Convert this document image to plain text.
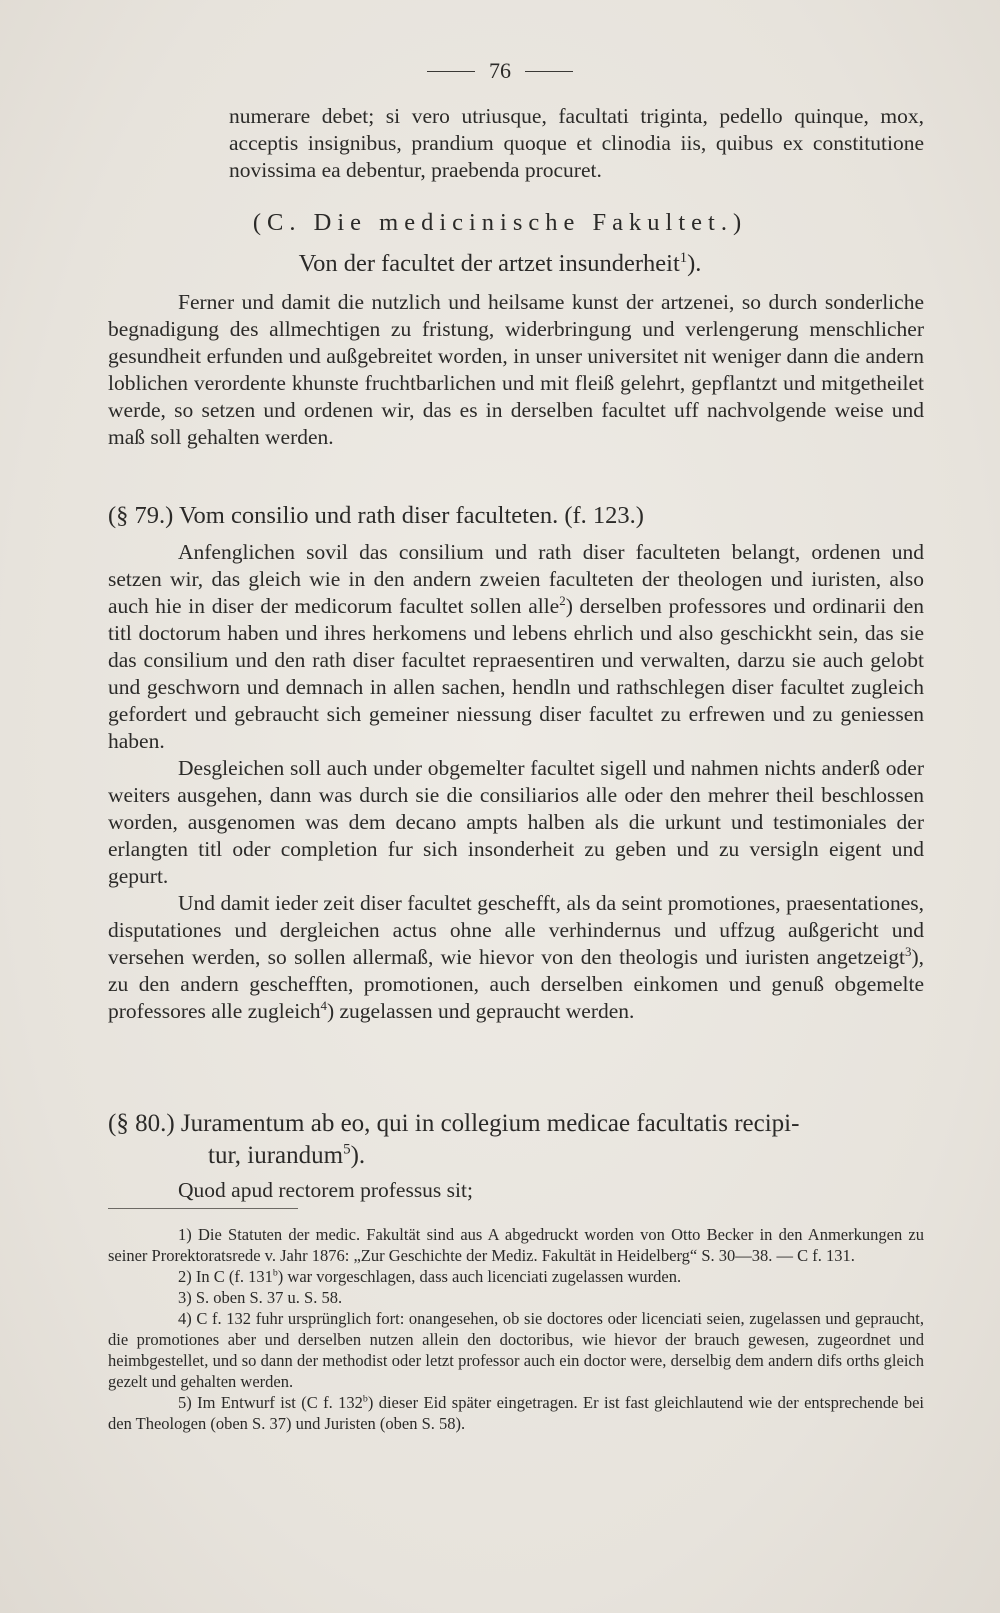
76

numerare debet; si vero utriusque, facultati triginta, pedello quinque, mox, acceptis insignibus, prandium quoque et clinodia iis, quibus ex constitutione novissima ea debentur, praebenda procuret.

(C. Die medicinische Fakultet.)
Von der facultet der artzet insunderheit$^1$).

Ferner und damit die nutzlich und heilsame kunst der artzenei, so durch sonderliche begnadigung des allmechtigen zu fristung, widerbringung und verlengerung menschlicher gesundheit erfunden und außgebreitet worden, in unser universitet nit weniger dann die andern loblichen verordente khunste fruchtbarlichen und mit fleiß gelehrt, gepflantzt und mitgetheilet werde, so setzen und ordenen wir, das es in derselben facultet uff nachvolgende weise und maß soll gehalten werden.

(§ 79.) Vom consilio und rath diser faculteten. (f. 123.)

Anfenglichen sovil das consilium und rath diser faculteten belangt, ordenen und setzen wir, das gleich wie in den andern zweien faculteten der theologen und iuristen, also auch hie in diser der medicorum facultet sollen alle$^2$) derselben professores und ordinarii den titl doctorum haben und ihres herkomens und lebens ehrlich und also geschickht sein, das sie das consilium und den rath diser facultet repraesentiren und verwalten, darzu sie auch gelobt und geschworn und demnach in allen sachen, hendln und rathschlegen diser facultet zugleich gefordert und gebraucht sich gemeiner niessung diser facultet zu erfrewen und zu geniessen haben.

Desgleichen soll auch under obgemelter facultet sigell und nahmen nichts anderß oder weiters ausgehen, dann was durch sie die consiliarios alle oder den mehrer theil beschlossen worden, ausgenomen was dem decano ampts halben als die urkunt und testimoniales der erlangten titl oder completion fur sich insonderheit zu geben und zu versigln eigent und gepurt.

Und damit ieder zeit diser facultet geschefft, als da seint promotiones, praesentationes, disputationes und dergleichen actus ohne alle verhindernus und uffzug außgericht und versehen werden, so sollen allermaß, wie hievor von den theologis und iuristen angetzeigt$^3$), zu den andern geschefften, promotionen, auch derselben einkomen und genuß obgemelte professores alle zugleich$^4$) zugelassen und gepraucht werden.

(§ 80.) Juramentum ab eo, qui in collegium medicae facultatis recipi-
tur, iurandum$^5$).
Quod apud rectorem professus sit;

1) Die Statuten der medic. Fakultät sind aus A abgedruckt worden von Otto Becker in den Anmerkungen zu seiner Prorektoratsrede v. Jahr 1876: „Zur Geschichte der Mediz. Fakultät in Heidelberg“ S. 30—38. — C f. 131.

2) In C (f. 131$^b$) war vorgeschlagen, dass auch licenciati zugelassen wurden.

3) S. oben S. 37 u. S. 58.

4) C f. 132 fuhr ursprünglich fort: onangesehen, ob sie doctores oder licenciati seien, zugelassen und gepraucht, die promotiones aber und derselben nutzen allein den doctoribus, wie hievor der brauch gewesen, zugeordnet und heimbgestellet, und so dann der methodist oder letzt professor auch ein doctor were, derselbig dem andern difs orths gleich gezelt und gehalten werden.

5) Im Entwurf ist (C f. 132$^b$) dieser Eid später eingetragen. Er ist fast gleichlautend wie der entsprechende bei den Theologen (oben S. 37) und Juristen (oben S. 58).
